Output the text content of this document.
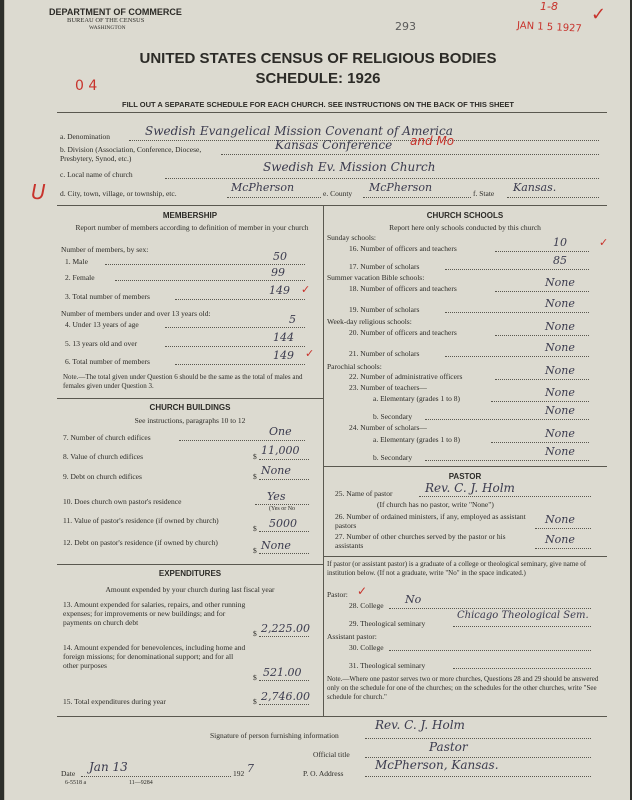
DEPARTMENT OF COMMERCE
BUREAU OF THE CENSUS
WASHINGTON	293	JAN 1 5 1927
1-8 ✓
UNITED STATES CENSUS OF RELIGIOUS BODIES
SCHEDULE: 1926
0 4
FILL OUT A SEPARATE SCHEDULE FOR EACH CHURCH. SEE INSTRUCTIONS ON THE BACK OF THIS SHEET
a. Denomination	Swedish Evangelical Mission Covenant of America
b. Division (Association, Conference, Diocese, Presbytery, Synod, etc.)
Kansas Conference and Mo
c. Local name of church
Swedish Ev. Mission Church
U d. City, town, village, or township, etc.	McPherson	e. County McPherson	f. State Kansas.
MEMBERSHIP
Report number of members according to definition of member in your church
Number of members, by sex:
1. Male	50
2. Female	99
3. Total number of members	149 ✓
Number of members under and over 13 years old:
4. Under 13 years of age	5
5. 13 years old and over	144
6. Total number of members	149 ✓
Note.—The total given under Question 6 should be the same as the total of males and females given under Question 3.
CHURCH BUILDINGS
See instructions, paragraphs 10 to 12
7. Number of church edifices	One
8. Value of church edifices	$ 11,000
9. Debt on church edifices	$ None
10. Does church own pastor's residence	Yes
(Yes or No
11. Value of pastor's residence (if owned by church)
$ 5000
12. Debt on pastor's residence (if owned by church)
$ None
EXPENDITURES
Amount expended by your church during last fiscal year
13. Amount expended for salaries, repairs, and other running expenses; for improvements or new buildings; and for payments on church debt
$ 2,225.00
14. Amount expended for benevolences, including home and foreign missions; for denominational support; and for all other purposes
$ 521.00
15. Total expenditures during year	$ 2,746.00
CHURCH SCHOOLS
Report here only schools conducted by this church
Sunday schools:
16. Number of officers and teachers	10	✓
17. Number of scholars	85
Summer vacation Bible schools:
18. Number of officers and teachers	None
19. Number of scholars	None
Week-day religious schools:
20. Number of officers and teachers	None
21. Number of scholars	None
Parochial schools:
22. Number of administrative officers	None
23. Number of teachers—
a. Elementary (grades 1 to 8)	None
b. Secondary	None
24. Number of scholars—
a. Elementary (grades 1 to 8)	None
b. Secondary	None
PASTOR
25. Name of pastor	Rev. C. J. Holm
(If church has no pastor, write "None")
26. Number of ordained ministers, if any, employed as assistant pastors	None
27. Number of other churches served by the pastor or his assistants	None
If pastor (or assistant pastor) is a graduate of a college or theological seminary, give name of institution below. (If not a graduate, write "No" in the space indicated.)
Pastor: ✓
28. College No
29. Theological seminary
Chicago Theological Sem.
Assistant pastor:
30. College
31. Theological seminary
Note.—Where one pastor serves two or more churches, Questions 28 and 29 should be answered only on the schedule for one of the churches; on the schedules for the other churches, write "See schedule for church."
Signature of person furnishing information
Rev. C. J. Holm
Official title
Pastor
Date Jan 13	192 7	P. O. Address
McPherson, Kansas.
6-5518 a	11—9284
